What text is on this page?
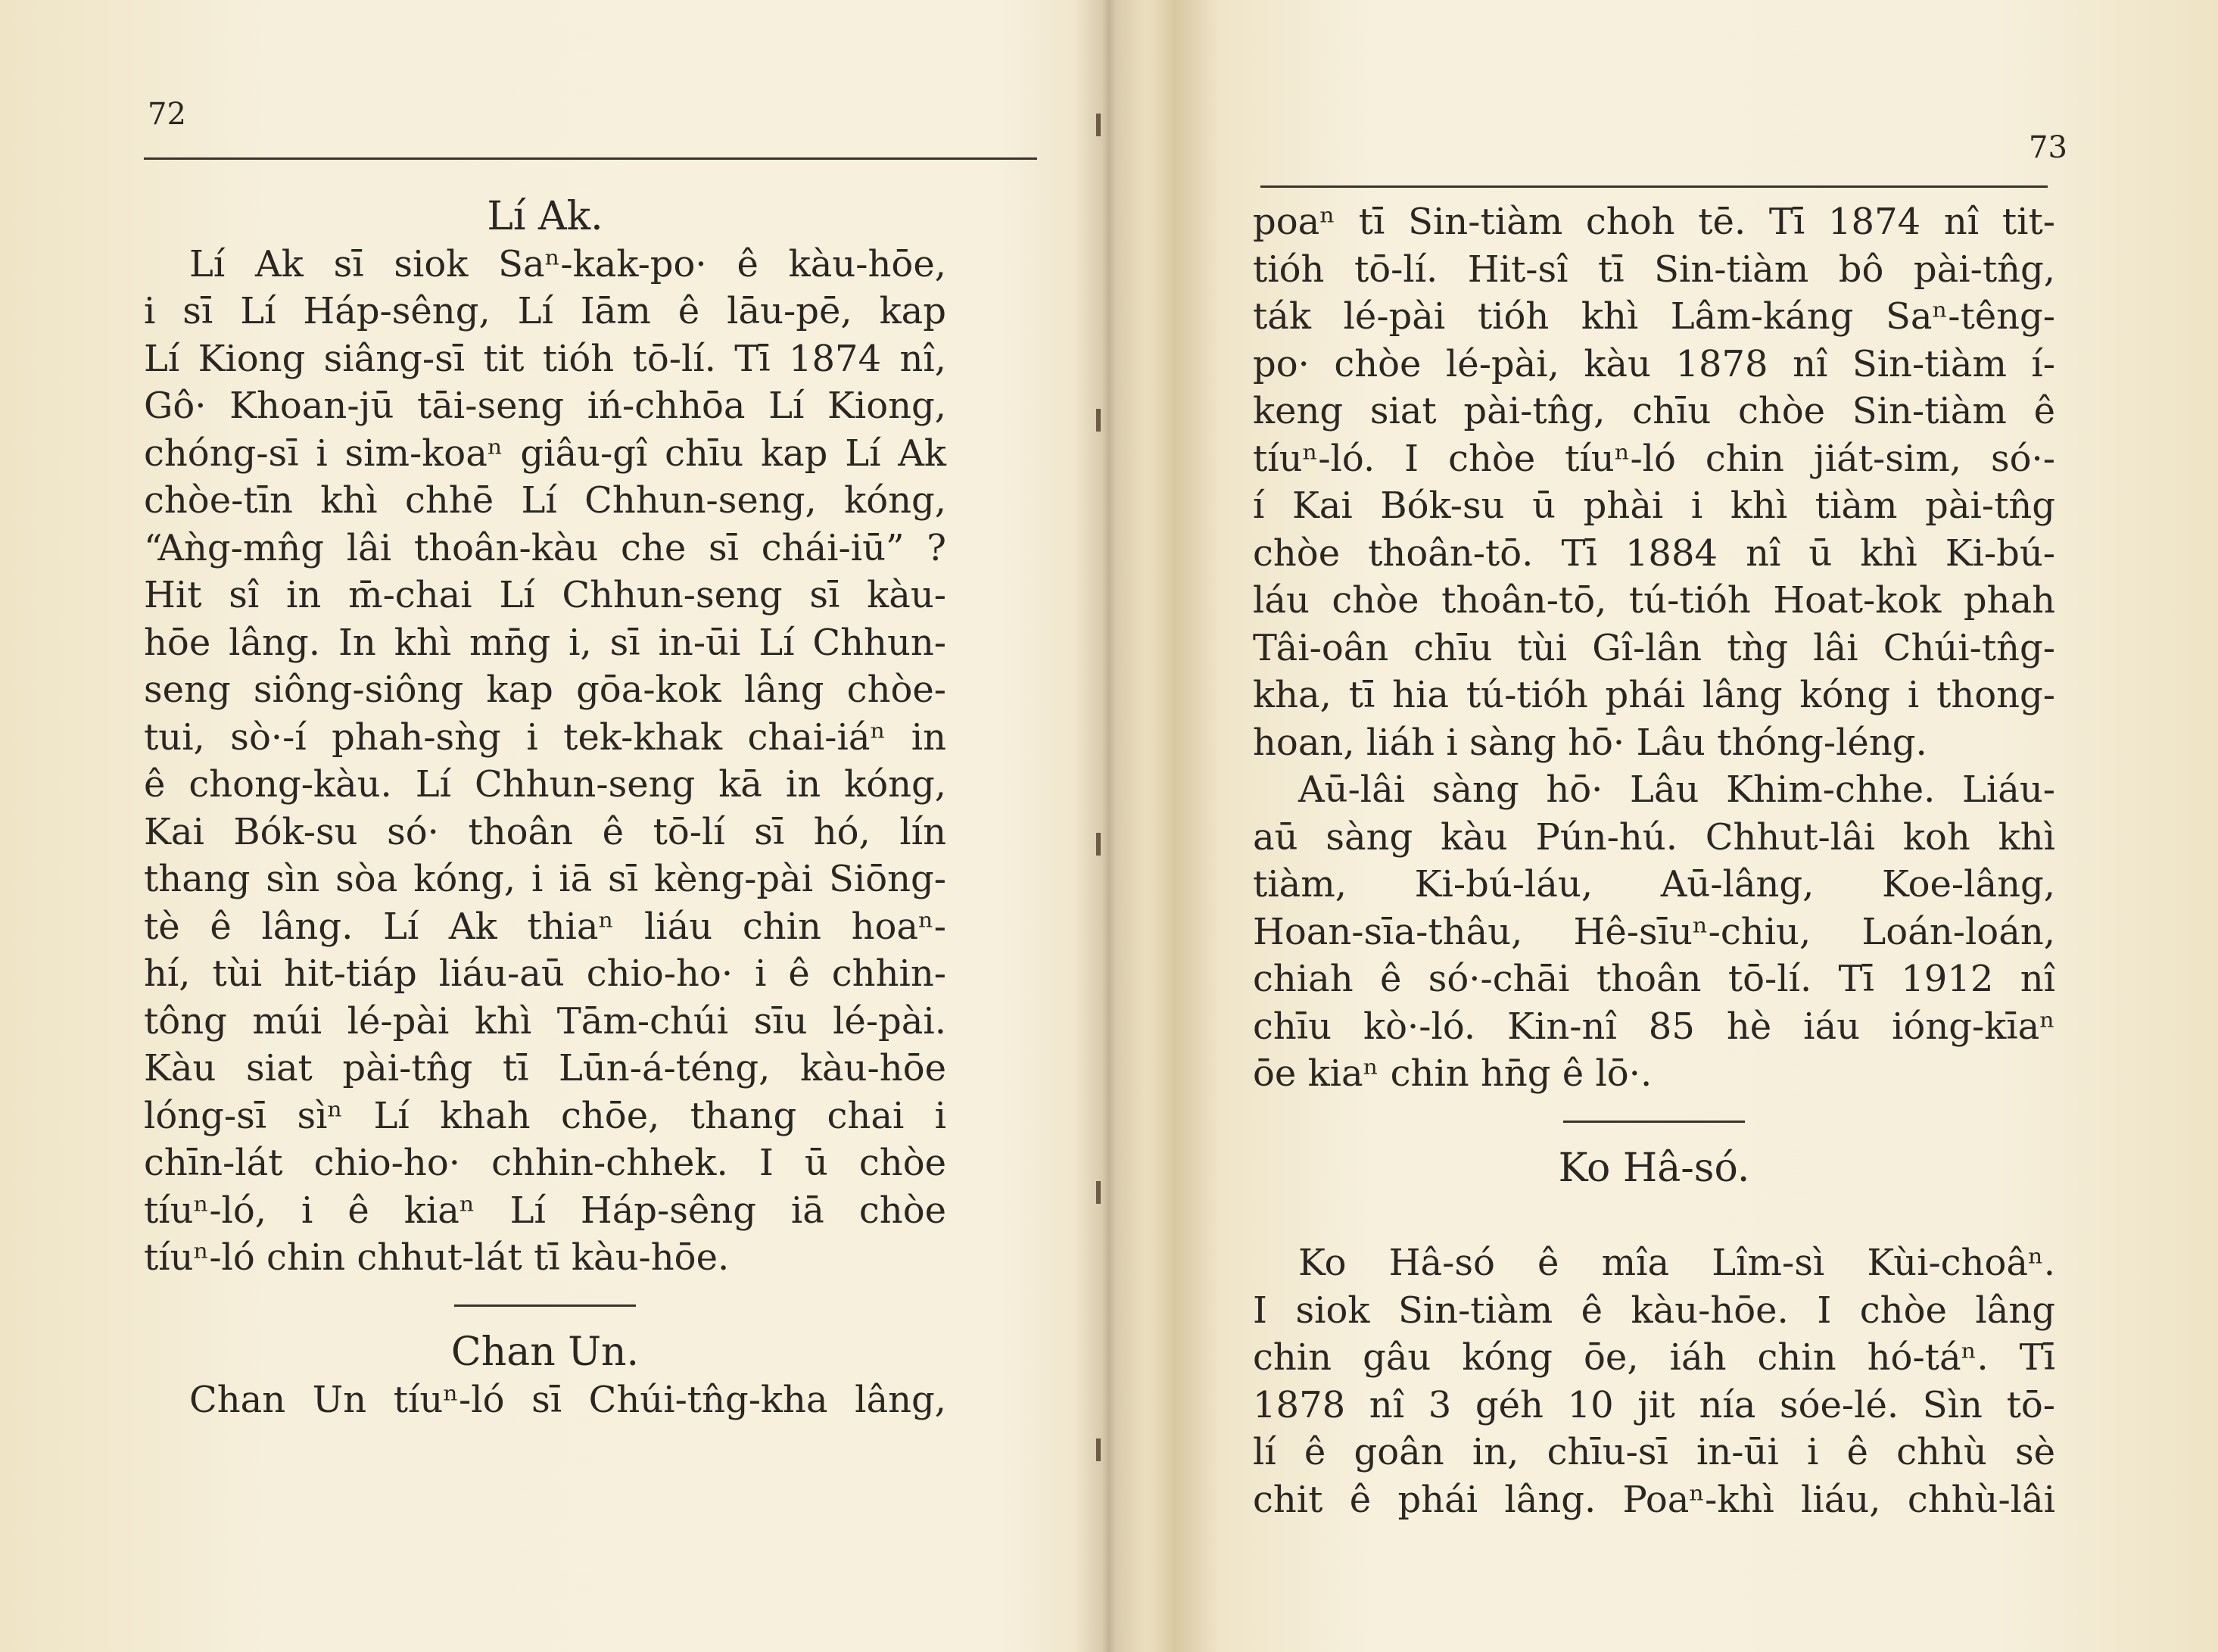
72
Lí Ak.
Lí Ak sī siok Saⁿ-kak-po· ê kàu-hōe,
i sī Lí Háp-sêng, Lí Iām ê lāu-pē, kap
Lí Kiong siâng-sī tit tióh tō-lí. Tī 1874 nî,
Gô· Khoan-jū tāi-seng iń-chhōa Lí Kiong,
chóng-sī i sim-koaⁿ giâu-gî chīu kap Lí Ak
chòe-tīn khì chhē Lí Chhun-seng, kóng,
“Aǹg-mn̂g lâi thoân-kàu che sī chái-iū” ?
Hit sî in m̄-chai Lí Chhun-seng sī kàu-
hōe lâng. In khì mn̄g i, sī in-ūi Lí Chhun-
seng siông-siông kap gōa-kok lâng chòe-
tui, sò·-í phah-sǹg i tek-khak chai-iáⁿ in
ê chong-kàu. Lí Chhun-seng kā in kóng,
Kai Bók-su só· thoân ê tō-lí sī hó, lín
thang sìn sòa kóng, i iā sī kèng-pài Siōng-
tè ê lâng. Lí Ak thiaⁿ liáu chin hoaⁿ-
hí, tùi hit-tiáp liáu-aū chio-ho· i ê chhin-
tông múi lé-pài khì Tām-chúi sīu lé-pài.
Kàu siat pài-tn̂g tī Lūn-á-téng, kàu-hōe
lóng-sī sìⁿ Lí khah chōe, thang chai i
chīn-lát chio-ho· chhin-chhek. I ū chòe
tíuⁿ-ló, i ê kiaⁿ Lí Háp-sêng iā chòe
tíuⁿ-ló chin chhut-lát tī kàu-hōe.
Chan Un.
Chan Un tíuⁿ-ló sī Chúi-tn̂g-kha lâng,
73
poaⁿ tī Sin-tiàm choh tē. Tī 1874 nî tit-
tióh tō-lí. Hit-sî tī Sin-tiàm bô pài-tn̂g,
ták lé-pài tióh khì Lâm-káng Saⁿ-têng-
po· chòe lé-pài, kàu 1878 nî Sin-tiàm í-
keng siat pài-tn̂g, chīu chòe Sin-tiàm ê
tíuⁿ-ló. I chòe tíuⁿ-ló chin jiát-sim, só·-
í Kai Bók-su ū phài i khì tiàm pài-tn̂g
chòe thoân-tō. Tī 1884 nî ū khì Ki-bú-
láu chòe thoân-tō, tú-tióh Hoat-kok phah
Tâi-oân chīu tùi Gî-lân tǹg lâi Chúi-tn̂g-
kha, tī hia tú-tióh phái lâng kóng i thong-
hoan, liáh i sàng hō· Lâu thóng-léng.
Aū-lâi sàng hō· Lâu Khim-chhe. Liáu-
aū sàng kàu Pún-hú. Chhut-lâi koh khì
tiàm, Ki-bú-láu, Aū-lâng, Koe-lâng,
Hoan-sīa-thâu, Hê-sīuⁿ-chiu, Loán-loán,
chiah ê só·-chāi thoân tō-lí. Tī 1912 nî
chīu kò·-ló. Kin-nî 85 hè iáu ióng-kīaⁿ
ōe kiaⁿ chin hn̄g ê lō·.
Ko Hâ-só.
Ko Hâ-só ê mîa Lîm-sì Kùi-choâⁿ.
I siok Sin-tiàm ê kàu-hōe. I chòe lâng
chin gâu kóng ōe, iáh chin hó-táⁿ. Tī
1878 nî 3 géh 10 jit nía sóe-lé. Sìn tō-
lí ê goân in, chīu-sī in-ūi i ê chhù sè
chit ê phái lâng. Poaⁿ-khì liáu, chhù-lâi
